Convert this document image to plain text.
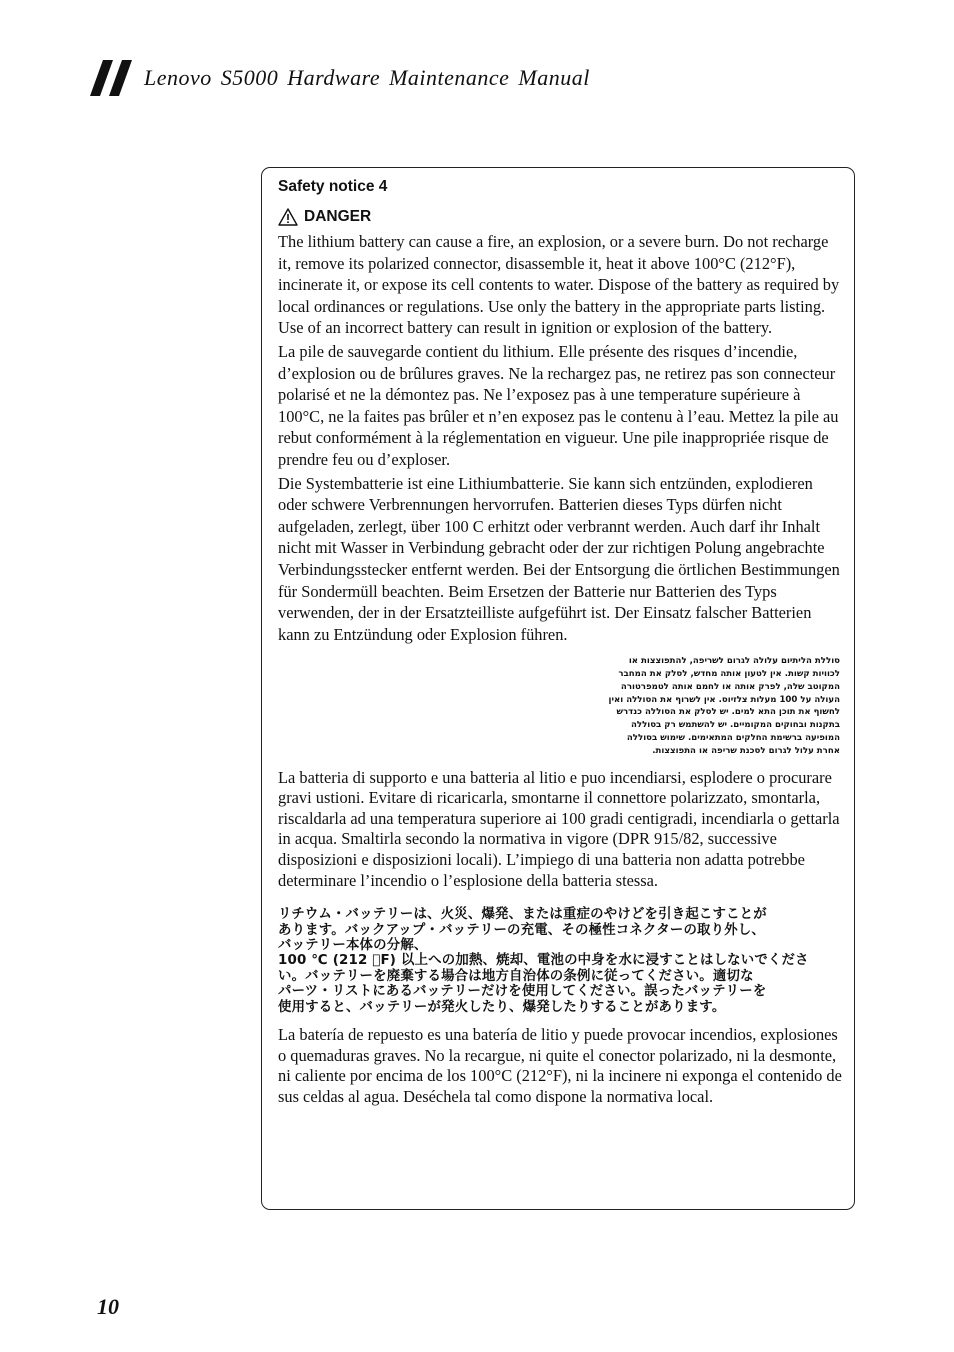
Lenovo S5000 Hardware Maintenance Manual
Safety notice 4
DANGER

The lithium battery can cause a fire, an explosion, or a severe burn. Do not recharge it, remove its polarized connector, disassemble it, heat it above 100°C (212°F), incinerate it, or expose its cell contents to water. Dispose of the battery as required by local ordinances or regulations. Use only the battery in the appropriate parts listing. Use of an incorrect battery can result in ignition or explosion of the battery.

La pile de sauvegarde contient du lithium. Elle présente des risques d’incendie, d’explosion ou de brûlures graves. Ne la rechargez pas, ne retirez pas son connecteur polarisé et ne la démontez pas. Ne l’exposez pas à une temperature supérieure à 100°C, ne la faites pas brûler et n’en exposez pas le contenu à l’eau. Mettez la pile au rebut conformément à la réglementation en vigueur. Une pile inappropriée risque de prendre feu ou d’exploser.

Die Systembatterie ist eine Lithiumbatterie. Sie kann sich entzünden, explodieren oder schwere Verbrennungen hervorrufen. Batterien dieses Typs dürfen nicht aufgeladen, zerlegt, über 100 C erhitzt oder verbrannt werden. Auch darf ihr Inhalt nicht mit Wasser in Verbindung gebracht oder der zur richtigen Polung angebrachte Verbindungsstecker entfernt werden. Bei der Entsorgung die örtlichen Bestimmungen für Sondermüll beachten. Beim Ersetzen der Batterie nur Batterien des Typs verwenden, der in der Ersatzteilliste aufgeführt ist. Der Einsatz falscher Batterien kann zu Entzündung oder Explosion führen.

סוללת הליתיום עלולה לגרום לשריפה, להתפוצצות או
לכוויות קשות. אין לטעון אותה מחדש, לסלק את המחבר
המקוטב שלה, לפרק אותה או לחמם אותה לטמפרטורה
העולה על 100 מעלות צלזיוס. אין לשרוף את הסוללה ואין
לחשוף את תוכן התא למים. יש לסלק את הסוללה כנדרש
בתקנות ובחוקים המקומיים. יש להשתמש רק בסוללה
המופיעה ברשימת החלקים המתאימים. שימוש בסוללה
אחרת עלול לגרום לסכנת שריפה או התפוצצות.

La batteria di supporto e una batteria al litio e puo incendiarsi, esplodere o procurare gravi ustioni. Evitare di ricaricarla, smontarne il connettore polarizzato, smontarla, riscaldarla ad una temperatura superiore ai 100 gradi centigradi, incendiarla o gettarla in acqua. Smaltirla secondo la normativa in vigore (DPR 915/82, successive disposizioni e disposizioni locali). L’impiego di una batteria non adatta potrebbe determinare l’incendio o l’esplosione della batteria stessa.

リチウム・バッテリーは、火災、爆発、または重症のやけどを引き起こすことが
あります。バックアップ・バッテリーの充電、その極性コネクターの取り外し、
バッテリー本体の分解、
100 ℃ (212 ゚F) 以上への加熱、焼却、電池の中身を水に浸すことはしないでくださ
い。バッテリーを廃棄する場合は地方自治体の条例に従ってください。適切な
パーツ・リストにあるバッテリーだけを使用してください。誤ったバッテリーを
使用すると、バッテリーが発火したり、爆発したりすることがあります。

La batería de repuesto es una batería de litio y puede provocar incendios, explosiones o quemaduras graves. No la recargue, ni quite el conector polarizado, ni la desmonte, ni caliente por encima de los 100°C (212°F), ni la incinere ni exponga el contenido de sus celdas al agua. Deséchela tal como dispone la normativa local.

10
